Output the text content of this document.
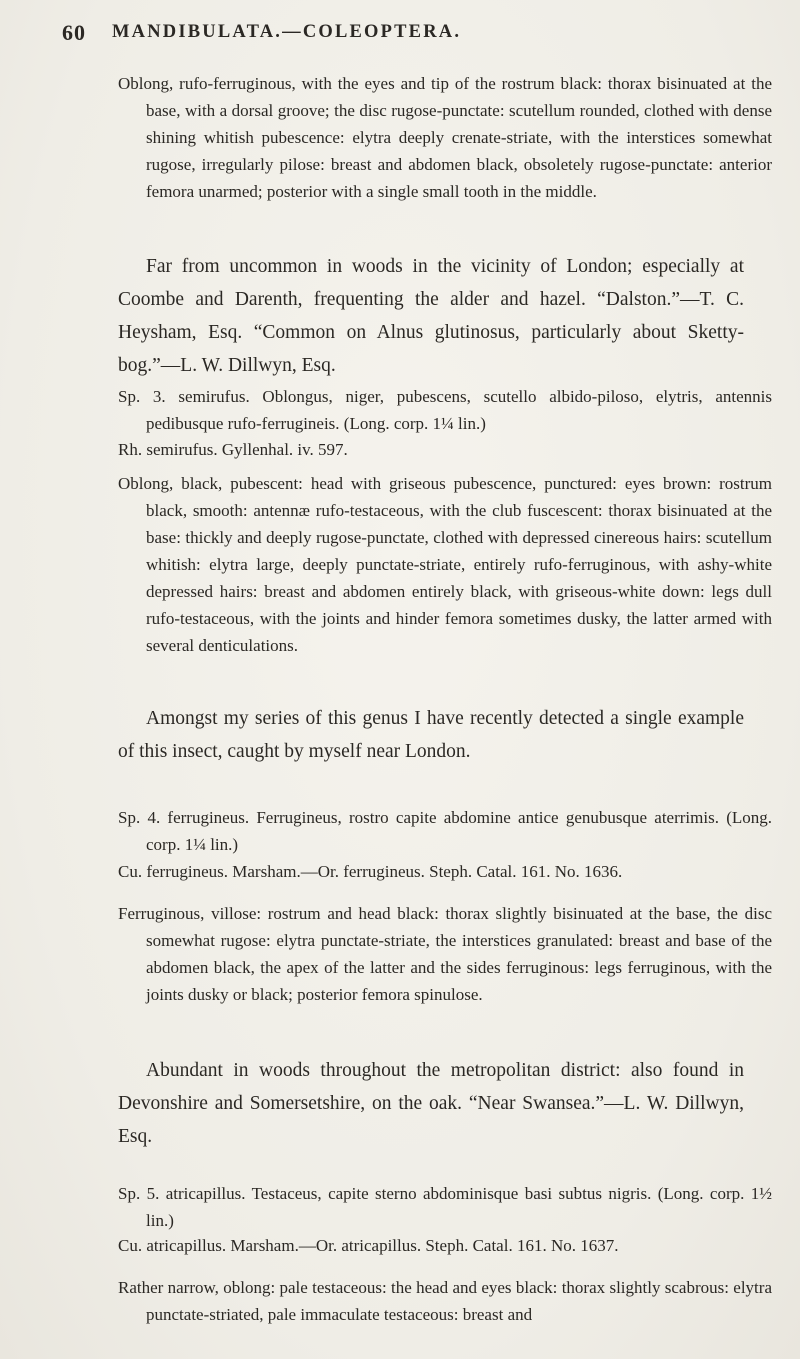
60 MANDIBULATA.—COLEOPTERA.
Oblong, rufo-ferruginous, with the eyes and tip of the rostrum black: thorax bisinuated at the base, with a dorsal groove; the disc rugose-punctate: scutellum rounded, clothed with dense shining whitish pubescence: elytra deeply crenate-striate, with the interstices somewhat rugose, irregularly pilose: breast and abdomen black, obsoletely rugose-punctate: anterior femora unarmed; posterior with a single small tooth in the middle.
Far from uncommon in woods in the vicinity of London; especially at Coombe and Darenth, frequenting the alder and hazel. “Dalston.”—T. C. Heysham, Esq. “Common on Alnus glutinosus, particularly about Sketty-bog.”—L. W. Dillwyn, Esq.
Sp. 3. semirufus. Oblongus, niger, pubescens, scutello albido-piloso, elytris, antennis pedibusque rufo-ferrugineis. (Long. corp. 1¼ lin.)
Rh. semirufus. Gyllenhal. iv. 597.
Oblong, black, pubescent: head with griseous pubescence, punctured: eyes brown: rostrum black, smooth: antennæ rufo-testaceous, with the club fuscescent: thorax bisinuated at the base: thickly and deeply rugose-punctate, clothed with depressed cinereous hairs: scutellum whitish: elytra large, deeply punctate-striate, entirely rufo-ferruginous, with ashy-white depressed hairs: breast and abdomen entirely black, with griseous-white down: legs dull rufo-testaceous, with the joints and hinder femora sometimes dusky, the latter armed with several denticulations.
Amongst my series of this genus I have recently detected a single example of this insect, caught by myself near London.
Sp. 4. ferrugineus. Ferrugineus, rostro capite abdomine antice genubusque aterrimis. (Long. corp. 1¼ lin.)
Cu. ferrugineus. Marsham.—Or. ferrugineus. Steph. Catal. 161. No. 1636.
Ferruginous, villose: rostrum and head black: thorax slightly bisinuated at the base, the disc somewhat rugose: elytra punctate-striate, the interstices granulated: breast and base of the abdomen black, the apex of the latter and the sides ferruginous: legs ferruginous, with the joints dusky or black; posterior femora spinulose.
Abundant in woods throughout the metropolitan district: also found in Devonshire and Somersetshire, on the oak. “Near Swansea.”—L. W. Dillwyn, Esq.
Sp. 5. atricapillus. Testaceus, capite sterno abdominisque basi subtus nigris. (Long. corp. 1½ lin.)
Cu. atricapillus. Marsham.—Or. atricapillus. Steph. Catal. 161. No. 1637.
Rather narrow, oblong: pale testaceous: the head and eyes black: thorax slightly scabrous: elytra punctate-striated, pale immaculate testaceous: breast and
